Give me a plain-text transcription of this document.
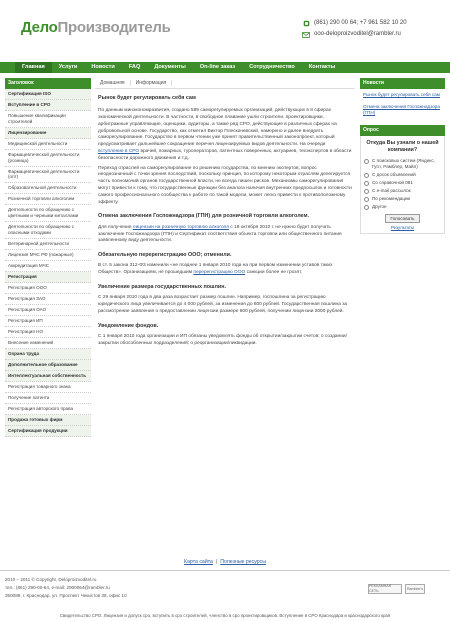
ДелоПроизводитель	(861) 290 00 64; +7 961 582 10 20
ooo-deloproizvoditel@rambler.ru
Главная	Услуги	Новости	FAQ	Документы	On-line заказ	Сотрудничество	Контакты
Заголовок
Сертификация ISO
Вступление в СРО
Повышение квалификации строителей
Лицензирование
Медицинской деятельности
Фармацевтической деятельности (розница)
Фармацевтической деятельности (опт)
Образовательной деятельности
Розничной торговли алкоголем
Деятельности по обращению с цветными и черными металлами
Деятельности по обращению с опасными отходами
Ветеринарной деятельности
Лицензия МЧС РФ (пожарные)
Аккредитация МЧС
Регистрация
Регистрация ООО
Регистрация ЗАО
Регистрация ОАО
Регистрация ИП
Регистрация НО
Внесение изменений
Охрана труда
Дополнительное образование
Интеллектуальная собственность
Регистрация товарного знака
Получение патента
Регистрация авторского права
Продажа готовых фирм
Сертификация продукции
Домашняя	Информация
Рынок будет регулировать себя сам

По данным минэкономразвития, создано 589 саморегулируемых организаций, действующих в 8 сферах экономической деятельности. В частности, в свободное плавание ушли строители, проектировщики, арбитражные управляющие, оценщики, аудиторы, а также ряд СРО, действующие в различных сферах на добровольной основе. Государство, как отметил Виктор Плескачевский, намерено и далее внедрять саморегулирование. Государство в первом чтении уже принят правительственный законопроект, который предусматривает дальнейшее сокращение перечня лицензируемых видов деятельности. На очереди вступление в СРО врачей, пожарных, туроператоров, патентных поверенных, актуариев, техэкспертов в области безопасности дорожного движения и т.д.

Переход отраслей на саморегулирование по решению государства, по мнению экспертов, вопрос неоднозначный с точки зрения последствий, поскольку принцип, по которому некоторым отраслям делегируется часть полномочий органов государственной власти, не всегда лишен рисков. Механизмы саморегулирования могут привести к тому, что государственные функции без аналога наличия внутренних предпосылок и готовности самого профессионального сообщества к работе по такой модели, может легко привести к противоположному эффекту.

Отмена заключения Госпожнадзора (ГПН) для розничной торговли алкоголем.

Для получения лицензии на розничную торговлю алкоголя с 18 октября 2010 г. не нужно будет получать заключение Госпожнадзора (ГПН) и Сертификат соответствия объекта торговли или общественного питания заявленному виду деятельности.

Обязательную перерегистрацию ООО; отменили.

В ст. 5 закона 312-ФЗ изменили «не позднее 1 января 2010 года на при первом изменении уставов таких Обществ». Организациям, не прошедшим перерегистрацию ООО санкции более не грозят.

Увеличение размера государственных пошлин.

С 29 января 2010 года в два раза возрастает размер пошлин. Например, госпошлина за регистрацию юридического лица увеличивается до 4 000 рублей, за изменения до 800 рублей. Государственная пошлина за рассмотрение заявления о предоставлении лицензии размере 600 рублей, получении лицензии 2000 рублей.

Уведомление фондов.

С 1 января 2010 года организации и ИП обязаны уведомлять фонды об открытии/закрытии счетов; о создании/закрытии обособленных подразделений; о реорганизации/ликвидации.

Новости
Рынок будет регулировать себя сам
Отмена заключения Госпожнадзора (ГПН)
Опрос
Откуда Вы узнали о нашей компании?
С поисковых систем (Яндекс, Гугл, Рамблер, Майл)
С досок объявлений
Со справочной 081
С e-mail рассылок
По рекомендации
Другое
Голосовать
Результаты
Карта сайта | Полезные ресурсы
2010 – 2011 © Copyright, Deloproizvoditel.ru
тел.: (861) 290-00-64, e-mail: 2900064@rambler.ru
350089, г. Краснодар, ул. Проспект Чекистов 38, офис 10
РЕКЛАМНАЯ СЕТЬ
Rambler's
Свидетельство СРО. Лицензия и допуск сро, вступить в сро строителей, членство в сро проектировщиков. Вступление в СРО Краснодара и краснодарского края
